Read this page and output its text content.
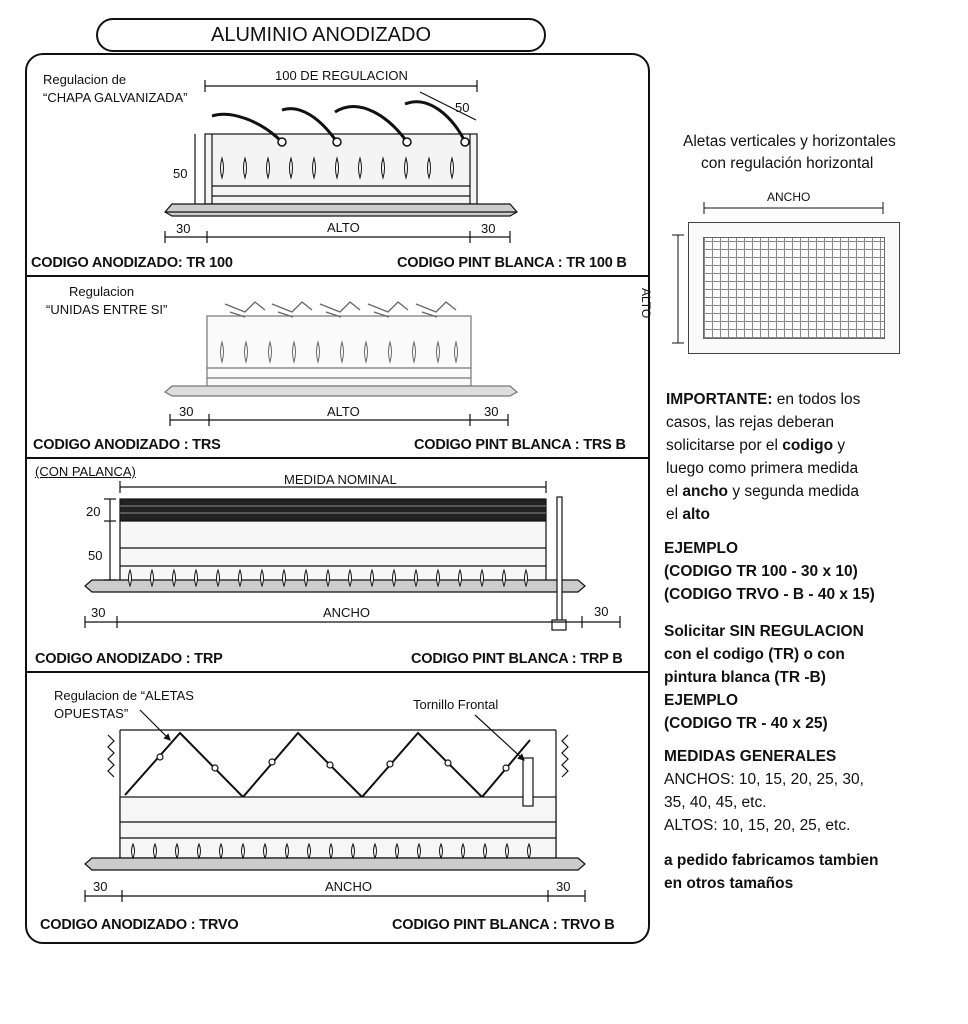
ALUMINIO ANODIZADO
Regulacion de
“CHAPA GALVANIZADA”
100 DE REGULACION
50
50
30	ALTO	30
CODIGO ANODIZADO: TR 100	CODIGO PINT BLANCA : TR 100 B
Regulacion
“UNIDAS ENTRE SI”
30	ALTO	30
CODIGO ANODIZADO : TRS	CODIGO PINT BLANCA : TRS B
(CON PALANCA)
MEDIDA NOMINAL
20
50
30	ANCHO	30
CODIGO ANODIZADO : TRP	CODIGO PINT BLANCA : TRP B
Regulacion de “ALETAS
OPUESTAS”
Tornillo Frontal
30	ANCHO	30
CODIGO ANODIZADO : TRVO	CODIGO PINT BLANCA : TRVO B
Aletas verticales y horizontales
con regulación horizontal
ANCHO
ALTO
IMPORTANTE: en todos los
casos, las rejas deberan
solicitarse por el codigo y
luego como primera medida
el ancho y segunda medida
el alto
EJEMPLO
(CODIGO TR 100 - 30 x 10)
(CODIGO TRVO - B - 40 x 15)
Solicitar SIN REGULACION
con el codigo (TR) o con
pintura blanca (TR -B)
EJEMPLO
(CODIGO TR - 40 x 25)
MEDIDAS GENERALES
ANCHOS: 10, 15, 20, 25, 30,
35, 40, 45, etc.
ALTOS: 10, 15, 20, 25, etc.
a pedido fabricamos tambien
en otros tamaños
